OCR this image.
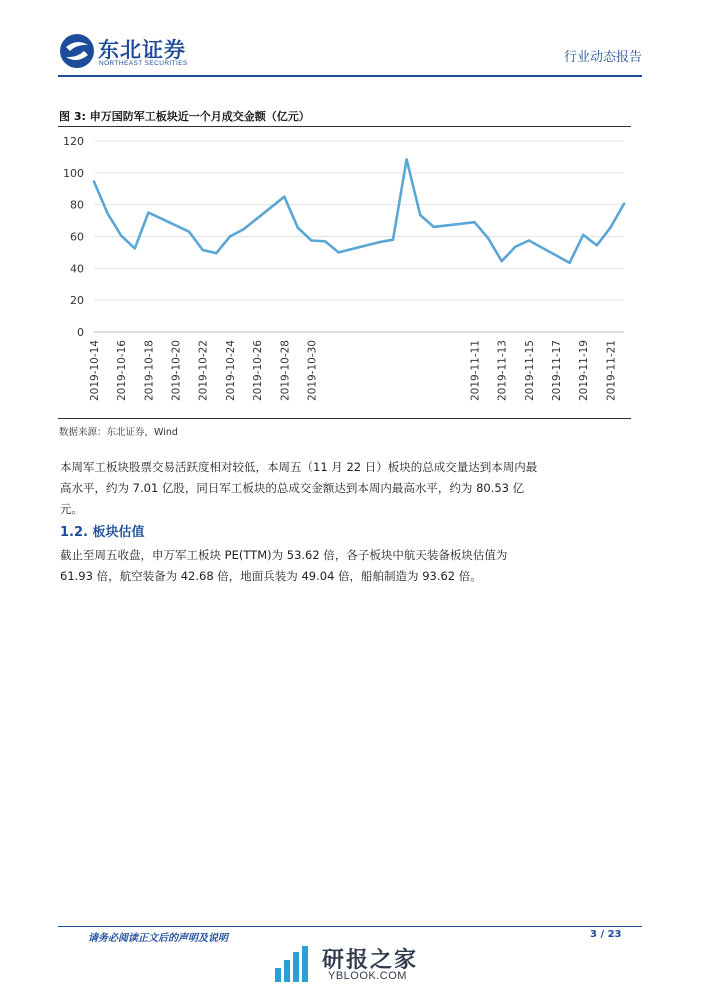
东北证券
NORTHEAST SECURITIES	行业动态报告
图 3: 申万国防军工板块近一个月成交金额（亿元）
0
20
40
60
80
100
120
2019-10-14 2019-10-16 2019-10-18 2019-10-20 2019-10-22 2019-10-24 2019-10-26 2019-10-28 2019-10-30	2019-11-11 2019-11-13 2019-11-15 2019-11-17 2019-11-19 2019-11-21
数据来源：东北证券，Wind
本周军工板块股票交易活跃度相对较低，本周五（11 月 22 日）板块的总成交量达到本周内最高水平，约为 7.01 亿股，同日军工板块的总成交金额达到本周内最高水平，约为 80.53 亿元。
1.2. 板块估值
截止至周五收盘，申万军工板块 PE(TTM)为 53.62 倍，各子板块中航天装备板块估值为 61.93 倍，航空装备为 42.68 倍，地面兵装为 49.04 倍，船舶制造为 93.62 倍。
请务必阅读正文后的声明及说明	3 / 23
研报之家
YBLOOK.COM
